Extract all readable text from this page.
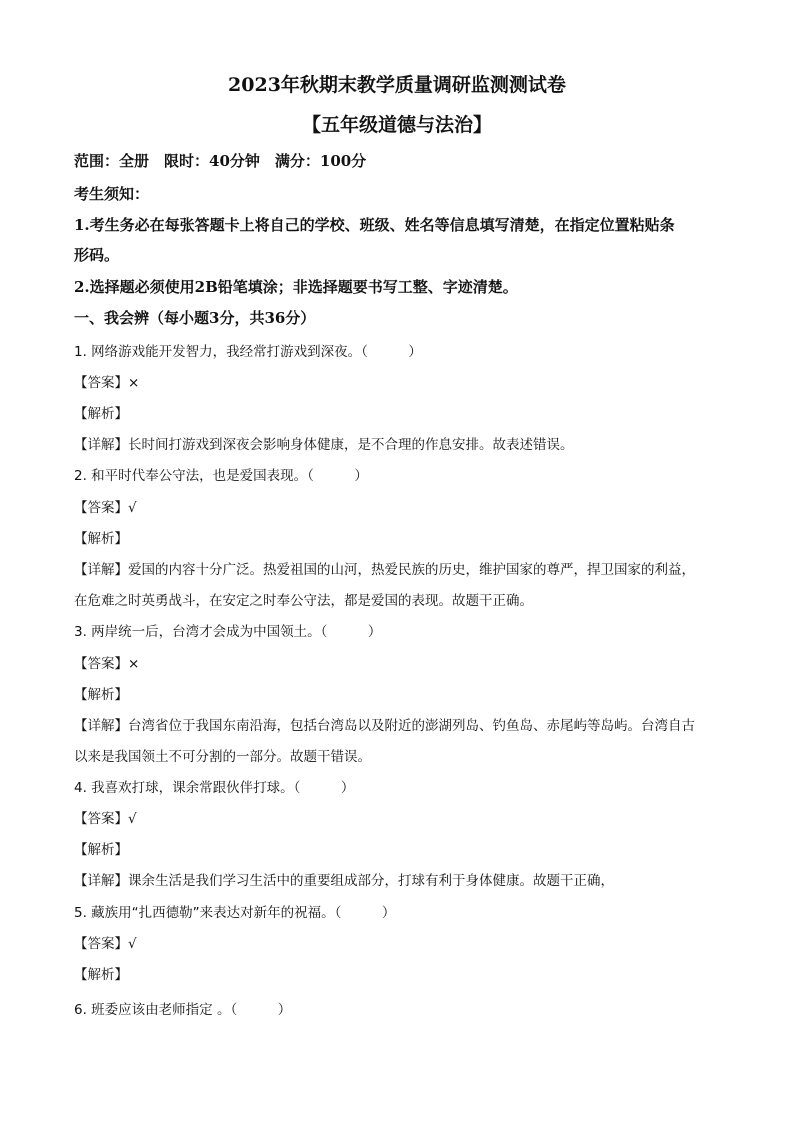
2023年秋期末教学质量调研监测测试卷
【五年级道德与法治】
范围：全册　限时：40分钟　满分：100分
考生须知：
1.考生务必在每张答题卡上将自己的学校、班级、姓名等信息填写清楚，在指定位置粘贴条
形码。
2.选择题必须使用2B铅笔填涂；非选择题要书写工整、字迹清楚。
一、我会辨（每小题3分，共36分）
1. 网络游戏能开发智力，我经常打游戏到深夜。（　　　）
【答案】×
【解析】
【详解】长时间打游戏到深夜会影响身体健康，是不合理的作息安排。故表述错误。
2. 和平时代奉公守法，也是爱国表现。（　　　）
【答案】√
【解析】
【详解】爱国的内容十分广泛。热爱祖国的山河，热爱民族的历史，维护国家的尊严，捍卫国家的利益，
在危难之时英勇战斗，在安定之时奉公守法，都是爱国的表现。故题干正确。
3. 两岸统一后，台湾才会成为中国领土。（　　　）
【答案】×
【解析】
【详解】台湾省位于我国东南沿海，包括台湾岛以及附近的澎湖列岛、钓鱼岛、赤尾屿等岛屿。台湾自古
以来是我国领土不可分割的一部分。故题干错误。
4. 我喜欢打球，课余常跟伙伴打球。（　　　）
【答案】√
【解析】
【详解】课余生活是我们学习生活中的重要组成部分，打球有利于身体健康。故题干正确，
5. 藏族用“扎西德勒”来表达对新年的祝福。（　　　）
【答案】√
【解析】
6. 班委应该由老师指定 。（　　　）
